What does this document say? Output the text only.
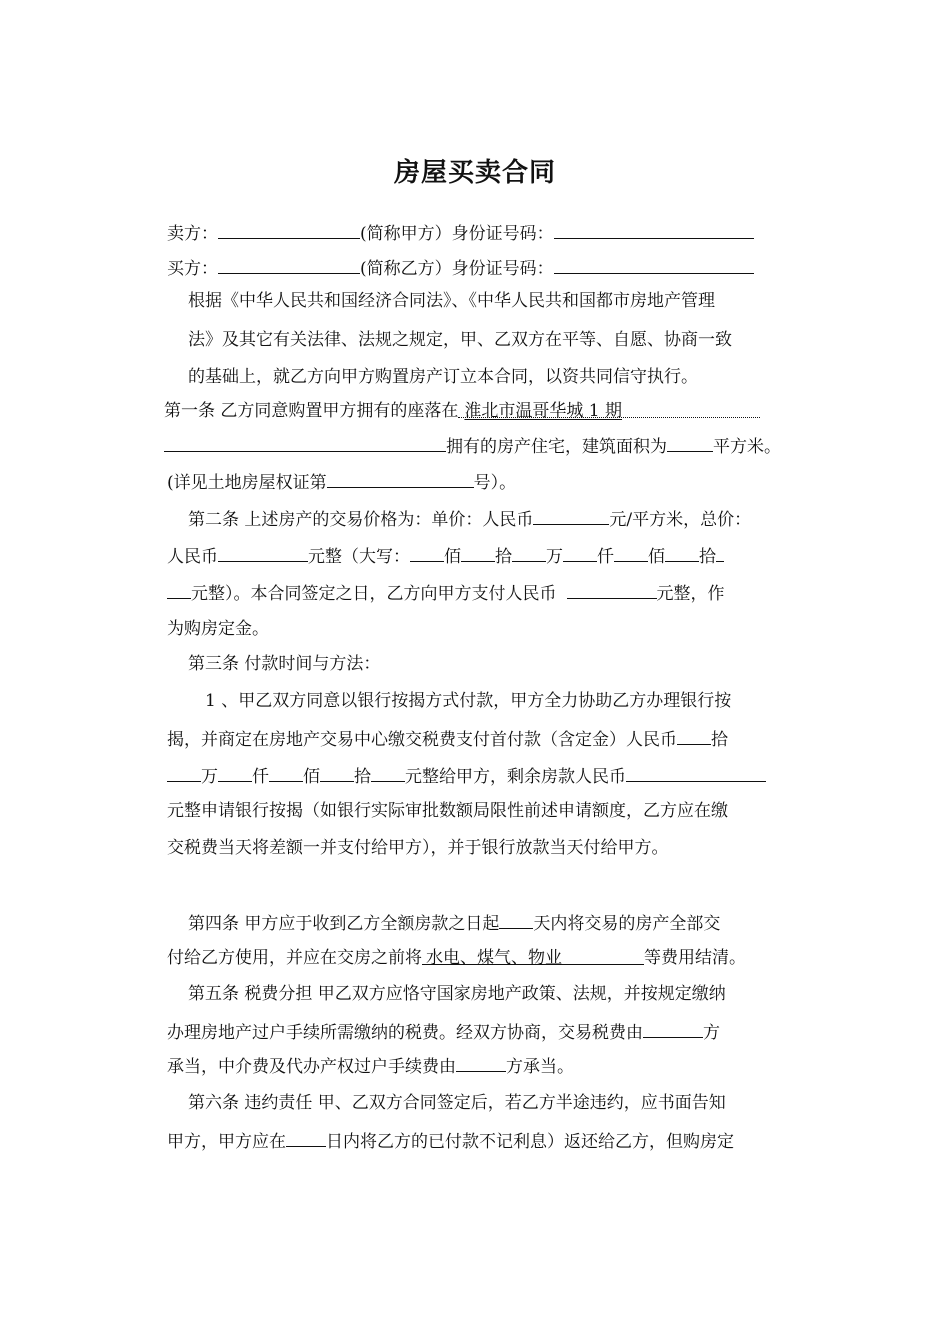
房屋买卖合同
卖方：	(简称甲方）身份证号码：
买方：	(简称乙方）身份证号码：
根据《中华人民共和国经济合同法》、《中华人民共和国都市房地产管理
法》及其它有关法律、法规之规定，甲、乙双方在平等、自愿、协商一致
的基础上，就乙方向甲方购置房产订立本合同，以资共同信守执行。
第一条 乙方同意购置甲方拥有的座落在 淮北市温哥华城 1 期
拥有的房产住宅，建筑面积为	平方米。
(详见土地房屋权证第	号）。
第二条 上述房产的交易价格为：单价：人民币	元/平方米，总价：
人民币	元整（大写： 佰 拾 万 仟 佰 拾
元整）。本合同签定之日，乙方向甲方支付人民币	元整，作
为购房定金。
第三条 付款时间与方法：
1 、甲乙双方同意以银行按揭方式付款，甲方全力协助乙方办理银行按
揭，并商定在房地产交易中心缴交税费支付首付款（含定金）人民币 拾
万 仟 佰 拾 元整给甲方，剩余房款人民币
元整申请银行按揭（如银行实际审批数额局限性前述申请额度，乙方应在缴
交税费当天将差额一并支付给甲方），并于银行放款当天付给甲方。
第四条 甲方应于收到乙方全额房款之日起 天内将交易的房产全部交
付给乙方使用，并应在交房之前将 水电、煤气、物业	等费用结清。
第五条 税费分担 甲乙双方应恪守国家房地产政策、法规，并按规定缴纳
办理房地产过户手续所需缴纳的税费。经双方协商，交易税费由	方
承当，中介费及代办产权过户手续费由	方承当。
第六条 违约责任 甲、乙双方合同签定后，若乙方半途违约，应书面告知
甲方，甲方应在 日内将乙方的已付款不记利息）返还给乙方，但购房定
